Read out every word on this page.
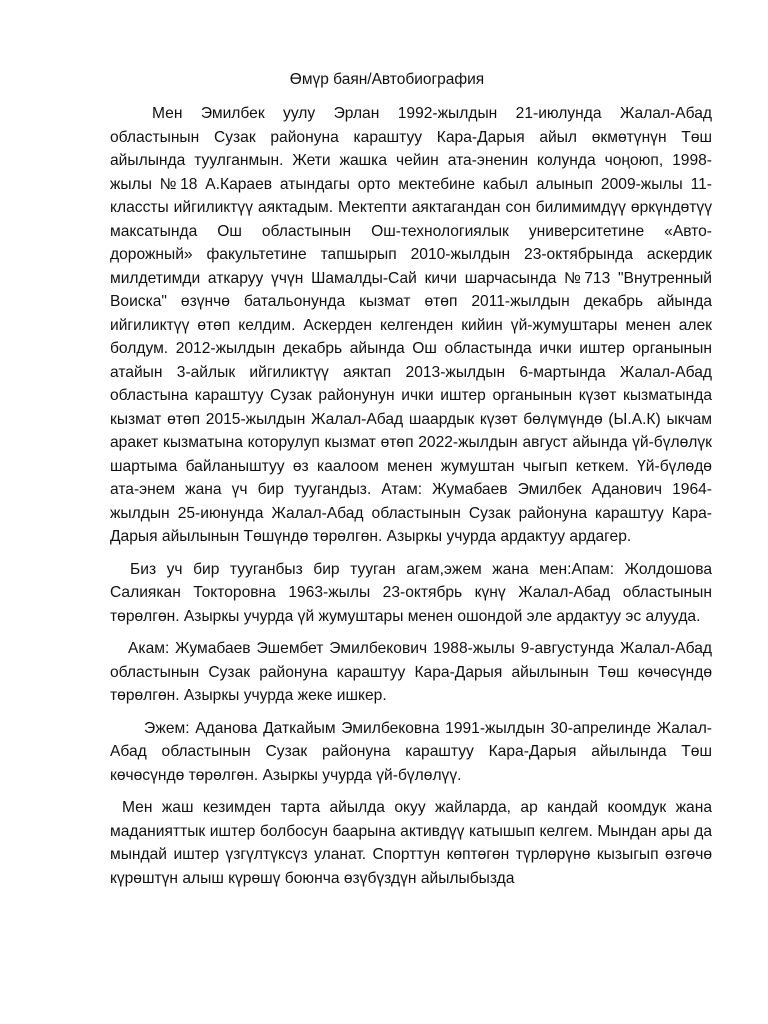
Өмүр баян/Автобиография

Мен Эмилбек уулу Эрлан 1992-жылдын 21-июлунда Жалал-Абад областынын Сузак районуна караштуу Кара-Дарыя айыл өкмөтүнүн Төш айылында туулганмын. Жети жашка чейин ата-эненин колунда чоңоюп, 1998-жылы №18 А.Караев атындагы орто мектебине кабыл алынып 2009-жылы 11-классты ийгиликтүү аяктадым. Мектепти аяктагандан сон билимимдүү өркүндөтүү максатында Ош областынын Ош-технологиялык университетине «Авто-дорожный» факультетине тапшырып 2010-жылдын 23-октябрында аскердик милдетимди аткаруу үчүн Шамалды-Сай кичи шарчасында №713 "Внутренный Воиска" өзүнчө батальонунда кызмат өтөп 2011-жылдын декабрь айында ийгиликтүү өтөп келдим. Аскерден келгенден кийин үй-жумуштары менен алек болдум. 2012-жылдын декабрь айында Ош областында ички иштер органынын атайын 3-айлык ийгиликтүү аяктап 2013-жылдын 6-мартында Жалал-Абад областына караштуу Сузак районунун ички иштер органынын күзөт кызматында кызмат өтөп 2015-жылдын Жалал-Абад шаардык күзөт бөлүмүндө (Ы.А.К) ыкчам аракет кызматына которулуп кызмат өтөп 2022-жылдын август айында үй-бүлөлүк шартыма байланыштуу өз каалоом менен жумуштан чыгып кеткем. Үй-бүлөдө ата-энем жана үч бир туугандыз. Атам: Жумабаев Эмилбек Аданович 1964-жылдын 25-июнунда Жалал-Абад областынын Сузак районуна караштуу Кара-Дарыя айылынын Төшүндө төрөлгөн. Азыркы учурда ардактуу ардагер.

Биз уч бир тууганбыз бир тууган агам,эжем жана мен:Апам: Жолдошова Салиякан Токторовна 1963-жылы 23-октябрь күнү Жалал-Абад областынын төрөлгөн. Азыркы учурда үй жумуштары менен ошондой эле ардактуу эс алууда.

Акам: Жумабаев Эшембет Эмилбекович 1988-жылы 9-августунда Жалал-Абад областынын Сузак районуна караштуу Кара-Дарыя айылынын Төш көчөсүндө төрөлгөн. Азыркы учурда жеке ишкер.

Эжем: Аданова Даткайым Эмилбековна 1991-жылдын 30-апрелинде Жалал-Абад областынын Сузак районуна караштуу Кара-Дарыя айылында Төш көчөсүндө төрөлгөн. Азыркы учурда үй-бүлөлүү.

Мен жаш кезимден тарта айылда окуу жайларда, ар кандай коомдук жана маданияттык иштер болбосун баарына активдүү катышып келгем. Мындан ары да мындай иштер үзгүлтүксүз уланат. Спорттун көптөгөн түрлөрүнө кызыгып өзгөчө күрөштүн алыш күрөшү боюнча өзүбүздүн айылыбызда
